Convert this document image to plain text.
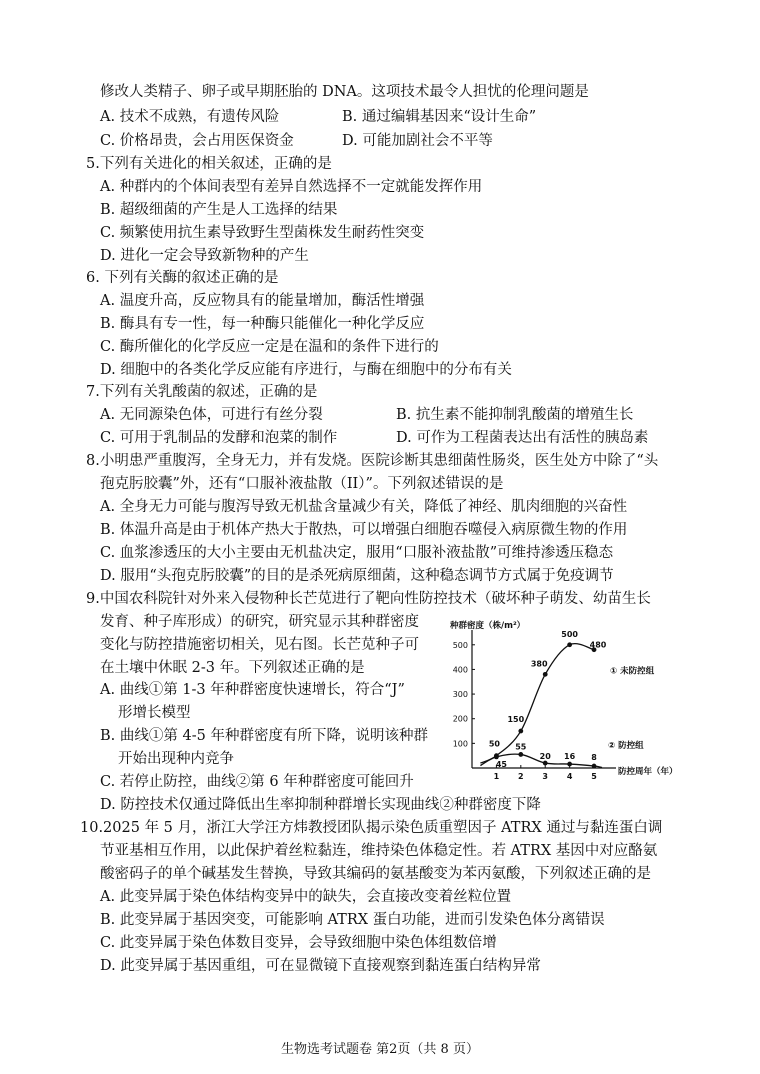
修改人类精子、卵子或早期胚胎的 DNA。这项技术最令人担忧的伦理问题是
A. 技术不成熟，有遗传风险	B. 通过编辑基因来“设计生命”
C. 价格昂贵，会占用医保资金	D. 可能加剧社会不平等
5.下列有关进化的相关叙述，正确的是
A. 种群内的个体间表型有差异自然选择不一定就能发挥作用
B. 超级细菌的产生是人工选择的结果
C. 频繁使用抗生素导致野生型菌株发生耐药性突变
D. 进化一定会导致新物种的产生
6. 下列有关酶的叙述正确的是
A. 温度升高，反应物具有的能量增加，酶活性增强
B. 酶具有专一性，每一种酶只能催化一种化学反应
C. 酶所催化的化学反应一定是在温和的条件下进行的
D. 细胞中的各类化学反应能有序进行，与酶在细胞中的分布有关
7.下列有关乳酸菌的叙述，正确的是
A. 无同源染色体，可进行有丝分裂	B. 抗生素不能抑制乳酸菌的增殖生长
C. 可用于乳制品的发酵和泡菜的制作	D. 可作为工程菌表达出有活性的胰岛素
8.小明患严重腹泻，全身无力，并有发烧。医院诊断其患细菌性肠炎，医生处方中除了“头
孢克肟胶囊”外，还有“口服补液盐散（II）”。下列叙述错误的是
A. 全身无力可能与腹泻导致无机盐含量减少有关，降低了神经、肌肉细胞的兴奋性
B. 体温升高是由于机体产热大于散热，可以增强白细胞吞噬侵入病原微生物的作用
C. 血浆渗透压的大小主要由无机盐决定，服用“口服补液盐散”可维持渗透压稳态
D. 服用“头孢克肟胶囊”的目的是杀死病原细菌，这种稳态调节方式属于免疫调节
9.中国农科院针对外来入侵物种长芒苋进行了靶向性防控技术（破坏种子萌发、幼苗生长
发育、种子库形成）的研究，研究显示其种群密度
变化与防控措施密切相关，见右图。长芒苋种子可
在土壤中休眠 2-3 年。下列叙述正确的是
A. 曲线①第 1-3 年种群密度快速增长，符合“J”
形增长模型
B. 曲线①第 4-5 年种群密度有所下降，说明该种群
开始出现种内竞争
C. 若停止防控，曲线②第 6 年种群密度可能回升
D. 防控技术仅通过降低出生率抑制种群增长实现曲线②种群密度下降
种群密度（株/m²）
防控周年（年）
100
200
300
400
500
1 2 3 4 5
50
150
380
500
480
① 未防控组
45
55
20 16 8
② 防控组
10.2025 年 5 月，浙江大学汪方炜教授团队揭示染色质重塑因子 ATRX 通过与黏连蛋白调
节亚基相互作用，以此保护着丝粒黏连，维持染色体稳定性。若 ATRX 基因中对应酪氨
酸密码子的单个碱基发生替换，导致其编码的氨基酸变为苯丙氨酸，下列叙述正确的是
A. 此变异属于染色体结构变异中的缺失，会直接改变着丝粒位置
B. 此变异属于基因突变，可能影响 ATRX 蛋白功能，进而引发染色体分离错误
C. 此变异属于染色体数目变异，会导致细胞中染色体组数倍增
D. 此变异属于基因重组，可在显微镜下直接观察到黏连蛋白结构异常
生物选考试题卷 第2页（共 8 页）
